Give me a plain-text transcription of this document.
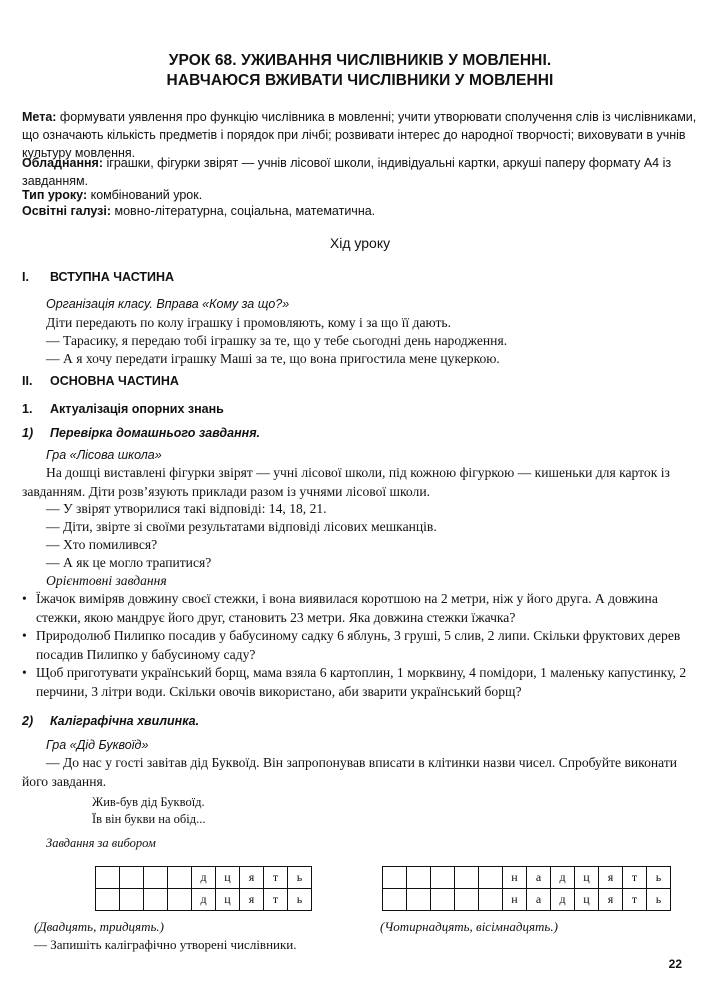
УРОК 68. УЖИВАННЯ ЧИСЛІВНИКІВ У МОВЛЕННІ.
НАВЧАЮСЯ ВЖИВАТИ ЧИСЛІВНИКИ У МОВЛЕННІ
Мета: формувати уявлення про функцію числівника в мовленні; учити утворювати сполучення слів із числівниками, що означають кількість предметів і порядок при лічбі; розвивати інтерес до народної творчості; виховувати в учнів культуру мовлення.
Обладнання: іграшки, фігурки звірят — учнів лісової школи, індивідуальні картки, аркуші паперу формату А4 із завданням.
Тип уроку: комбінований урок.
Освітні галузі: мовно-літературна, соціальна, математична.
Хід уроку
I. ВСТУПНА ЧАСТИНА
Організація класу. Вправа «Кому за що?»
Діти передають по колу іграшку і промовляють, кому і за що її дають.
— Тарасику, я передаю тобі іграшку за те, що у тебе сьогодні день народження.
— А я хочу передати іграшку Маші за те, що вона пригостила мене цукеркою.
II. ОСНОВНА ЧАСТИНА
1. Актуалізація опорних знань
1) Перевірка домашнього завдання.
Гра «Лісова школа»
На дошці виставлені фігурки звірят — учні лісової школи, під кожною фігуркою — кишеньки для карток із завданням. Діти розв’язують приклади разом із учнями лісової школи.
— У звірят утворилися такі відповіді: 14, 18, 21.
— Діти, звірте зі своїми результатами відповіді лісових мешканців.
— Хто помилився?
— А як це могло трапитися?
Орієнтовні завдання
• Їжачок виміряв довжину своєї стежки, і вона виявилася коротшою на 2 метри, ніж у його друга. А довжина стежки, якою мандрує його друг, становить 23 метри. Яка довжина стежки їжачка?
• Природолюб Пилипко посадив у бабусиному садку 6 яблунь, 3 груші, 5 слив, 2 липи. Скільки фруктових дерев посадив Пилипко у бабусиному саду?
• Щоб приготувати український борщ, мама взяла 6 картоплин, 1 морквину, 4 помідори, 1 маленьку капустинку, 2 перчини, 3 літри води. Скільки овочів використано, аби зварити український борщ?
2) Каліграфічна хвилинка.
Гра «Дід Буквоїд»
— До нас у гості завітав дід Буквоїд. Він запропонував вписати в клітинки назви чисел. Спробуйте виконати його завдання.
Жив-був дід Буквоїд.
Їв він букви на обід...
Завдання за вибором
				д	ц	я	т	ь
				д	ц	я	т	ь
					н	а	д	ц	я	т	ь
					н	а	д	ц	я	т	ь
(Двадцять, тридцять.)	(Чотирнадцять, вісімнадцять.)
— Запишіть каліграфічно утворені числівники.
22
